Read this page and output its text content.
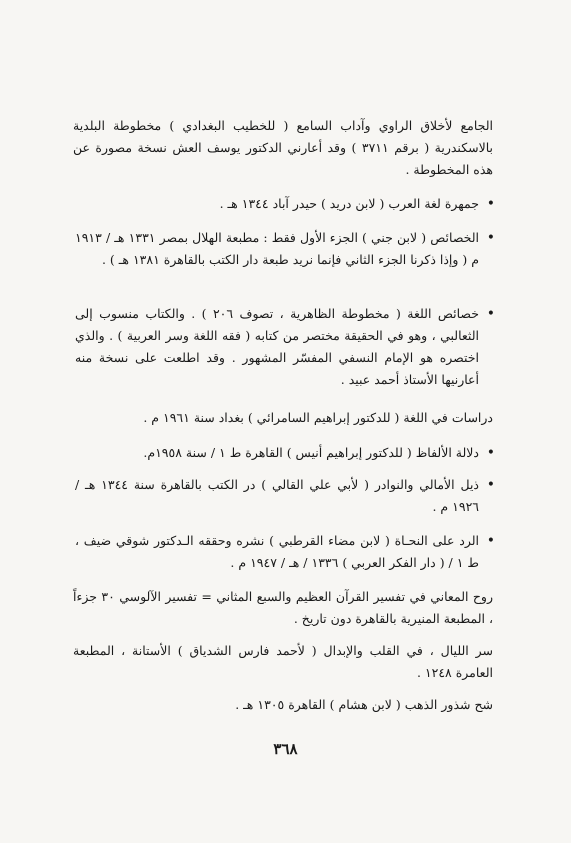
الجامع لأخلاق الراوي وآداب السامع ( للخطيب البغدادي ) مخطوطة البلدية بالاسكندرية ( برقم ٣٧١١ ) وقد أعارني الدكتور يوسف العش نسخة مصورة عن هذه المخطوطة .
•
جمهرة لغة العرب ( لابن دريد ) حيدر آباد ١٣٤٤ هـ .
•
الخصائص ( لابن جني ) الجزء الأول فقط : مطبعة الهلال بمصر ١٣٣١ هـ / ١٩١٣ م ( وإذا ذكرنا الجزء الثاني فإنما نريد طبعة دار الكتب بالقاهرة ١٣٨١ هـ ) .
•
خصائص اللغة ( مخطوطة الظاهرية ، تصوف ٢٠٦ ) . والكتاب منسوب إلى الثعالبي ، وهو في الحقيقة مختصر من كتابه ( فقه اللغة وسر العربية ) . والذي اختصره هو الإمام النسفي المفسّر المشهور . وقد اطلعت على نسخة منه أعارنيها الأستاذ أحمد عبيد .
دراسات في اللغة ( للدكتور إبراهيم السامرائي ) بغداد سنة ١٩٦١ م .
•
دلالة الألفاظ ( للدكتور إبراهيم أنيس ) القاهرة ط ١ / سنة ١٩٥٨م.
•
ذيل الأمالي والنوادر ( لأبي علي القالي ) در الكتب بالقاهرة سنة ١٣٤٤ هـ / ١٩٢٦ م .
•
الرد على النحـاة ( لابن مضاء القرطبي ) نشره وحققه الـدكتور شوقي ضيف ، ط ١ / ( دار الفكر العربي ) ١٣٣٦ / هـ / ١٩٤٧ م .
روح المعاني في تفسير القرآن العظيم والسبع المثاني = تفسير الآلوسي ٣٠ جزءاً ، المطبعة المنيرية بالقاهرة دون تاريخ .
سر الليال ، في القلب والإبدال ( لأحمد فارس الشدياق ) الأستانة ، المطبعة العامرة ١٢٤٨ .
شح شذور الذهب ( لابن هشام ) القاهرة ١٣٠٥ هـ .
٣٦٨
